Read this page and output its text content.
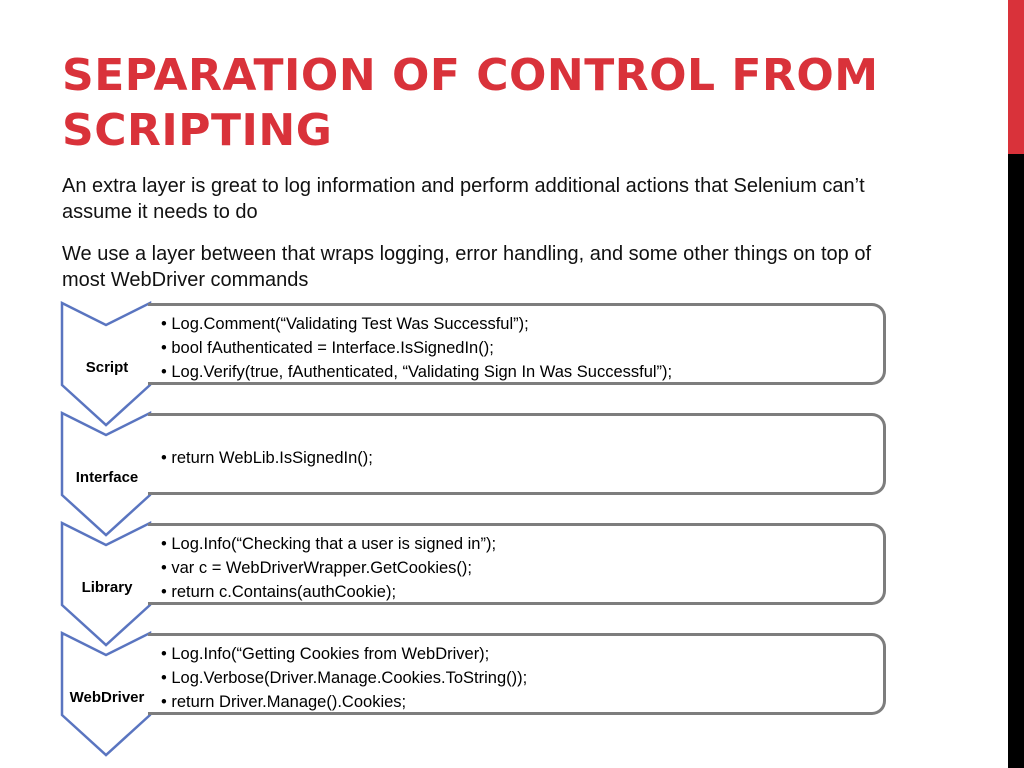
SEPARATION OF CONTROL FROM SCRIPTING

An extra layer is great to log information and perform additional actions that Selenium can’t assume it needs to do

We use a layer between that wraps logging, error handling, and some other things on top of most WebDriver commands

• Log.Comment(“Validating Test Was Successful”);
• bool fAuthenticated = Interface.IsSignedIn();
• Log.Verify(true, fAuthenticated, “Validating Sign In Was Successful”);
Script
• return WebLib.IsSignedIn();
Interface
• Log.Info(“Checking that a user is signed in”);
• var c = WebDriverWrapper.GetCookies();
• return c.Contains(authCookie);
Library
• Log.Info(“Getting Cookies from WebDriver);
• Log.Verbose(Driver.Manage.Cookies.ToString());
• return Driver.Manage().Cookies;
WebDriver
